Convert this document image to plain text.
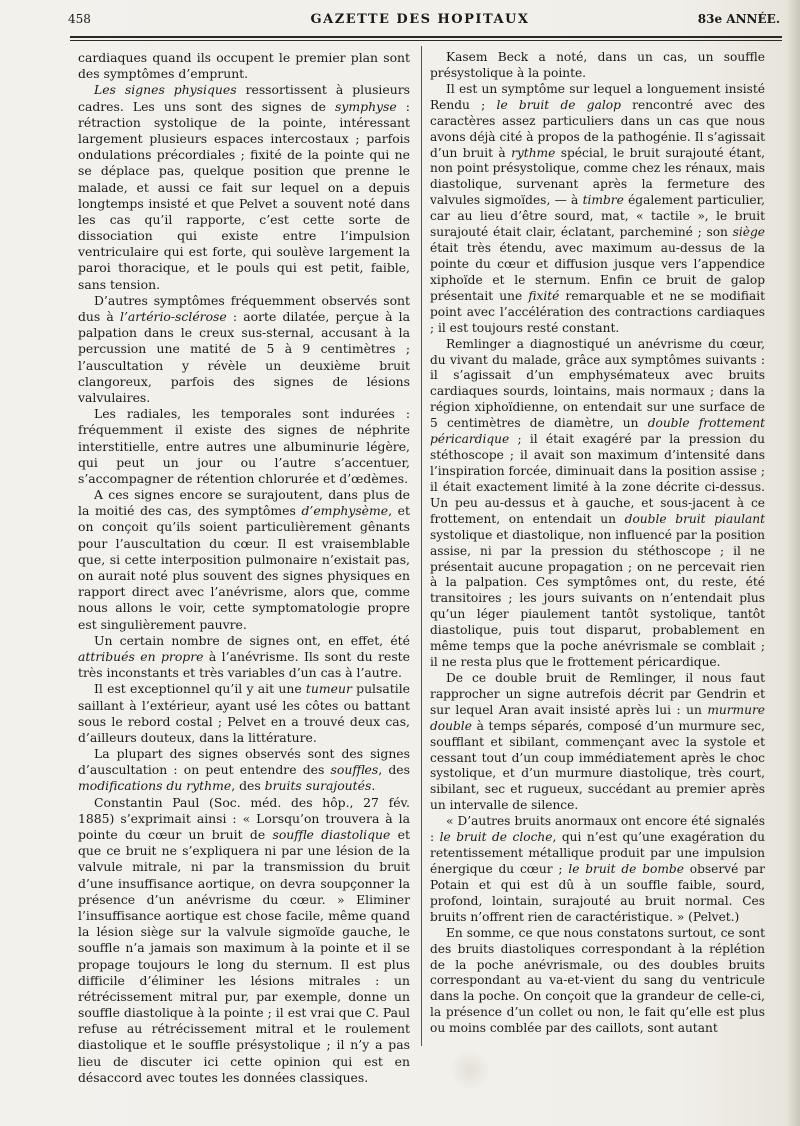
458	GAZETTE DES HOPITAUX	83e ANNÉE.

cardiaques quand ils occupent le premier plan sont des symptômes d’emprunt.

Les signes physiques ressortissent à plusieurs cadres. Les uns sont des signes de symphyse : rétraction systolique de la pointe, intéressant largement plusieurs espaces intercostaux ; parfois ondulations précordiales ; fixité de la pointe qui ne se déplace pas, quelque position que prenne le malade, et aussi ce fait sur lequel on a depuis longtemps insisté et que Pelvet a souvent noté dans les cas qu’il rapporte, c’est cette sorte de dissociation qui existe entre l’impulsion ventriculaire qui est forte, qui soulève largement la paroi thoracique, et le pouls qui est petit, faible, sans tension.

D’autres symptômes fréquemment observés sont dus à l’artério-sclérose : aorte dilatée, perçue à la palpation dans le creux sus-sternal, accusant à la percussion une matité de 5 à 9 centimètres ; l’auscultation y révèle un deuxième bruit clangoreux, parfois des signes de lésions valvulaires.

Les radiales, les temporales sont indurées : fréquemment il existe des signes de néphrite interstitielle, entre autres une albuminurie légère, qui peut un jour ou l’autre s’accentuer, s’accompagner de rétention chlorurée et d’œdèmes.

A ces signes encore se surajoutent, dans plus de la moitié des cas, des symptômes d’emphysème, et on conçoit qu’ils soient particulièrement gênants pour l’auscultation du cœur. Il est vraisemblable que, si cette interposition pulmonaire n’existait pas, on aurait noté plus souvent des signes physiques en rapport direct avec l’anévrisme, alors que, comme nous allons le voir, cette symptomatologie propre est singulièrement pauvre.

Un certain nombre de signes ont, en effet, été attribués en propre à l’anévrisme. Ils sont du reste très inconstants et très variables d’un cas à l’autre.

Il est exceptionnel qu’il y ait une tumeur pulsatile saillant à l’extérieur, ayant usé les côtes ou battant sous le rebord costal ; Pelvet en a trouvé deux cas, d’ailleurs douteux, dans la littérature.

La plupart des signes observés sont des signes d’auscultation : on peut entendre des souffles, des modifications du rythme, des bruits surajoutés.

Constantin Paul (Soc. méd. des hôp., 27 fév. 1885) s’exprimait ainsi : « Lorsqu’on trouvera à la pointe du cœur un bruit de souffle diastolique et que ce bruit ne s’expliquera ni par une lésion de la valvule mitrale, ni par la transmission du bruit d’une insuffisance aortique, on devra soupçonner la présence d’un anévrisme du cœur. » Eliminer l’insuffisance aortique est chose facile, même quand la lésion siège sur la valvule sigmoïde gauche, le souffle n’a jamais son maximum à la pointe et il se propage toujours le long du sternum. Il est plus difficile d’éliminer les lésions mitrales : un rétrécissement mitral pur, par exemple, donne un souffle diastolique à la pointe ; il est vrai que C. Paul refuse au rétrécissement mitral et le roulement diastolique et le souffle présystolique ; il n’y a pas lieu de discuter ici cette opinion qui est en désaccord avec toutes les données classiques.

Kasem Beck a noté, dans un cas, un souffle présystolique à la pointe.

Il est un symptôme sur lequel a longuement insisté Rendu ; le bruit de galop rencontré avec des caractères assez particuliers dans un cas que nous avons déjà cité à propos de la pathogénie. Il s’agissait d’un bruit à rythme spécial, le bruit surajouté étant, non point présystolique, comme chez les rénaux, mais diastolique, survenant après la fermeture des valvules sigmoïdes, — à timbre également particulier, car au lieu d’être sourd, mat, « tactile », le bruit surajouté était clair, éclatant, parcheminé ; son siège était très étendu, avec maximum au-dessus de la pointe du cœur et diffusion jusque vers l’appendice xiphoïde et le sternum. Enfin ce bruit de galop présentait une fixité remarquable et ne se modifiait point avec l’accélération des contractions cardiaques ; il est toujours resté constant.

Remlinger a diagnostiqué un anévrisme du cœur, du vivant du malade, grâce aux symptômes suivants : il s’agissait d’un emphysémateux avec bruits cardiaques sourds, lointains, mais normaux ; dans la région xiphoïdienne, on entendait sur une surface de 5 centimètres de diamètre, un double frottement péricardique ; il était exagéré par la pression du stéthoscope ; il avait son maximum d’intensité dans l’inspiration forcée, diminuait dans la position assise ; il était exactement limité à la zone décrite ci-dessus. Un peu au-dessus et à gauche, et sous-jacent à ce frottement, on entendait un double bruit piaulant systolique et diastolique, non influencé par la position assise, ni par la pression du stéthoscope ; il ne présentait aucune propagation ; on ne percevait rien à la palpation. Ces symptômes ont, du reste, été transitoires ; les jours suivants on n’entendait plus qu’un léger piaulement tantôt systolique, tantôt diastolique, puis tout disparut, probablement en même temps que la poche anévrismale se comblait ; il ne resta plus que le frottement péricardique.

De ce double bruit de Remlinger, il nous faut rapprocher un signe autrefois décrit par Gendrin et sur lequel Aran avait insisté après lui : un murmure double à temps séparés, composé d’un murmure sec, soufflant et sibilant, commençant avec la systole et cessant tout d’un coup immédiatement après le choc systolique, et d’un murmure diastolique, très court, sibilant, sec et rugueux, succédant au premier après un intervalle de silence.

« D’autres bruits anormaux ont encore été signalés : le bruit de cloche, qui n’est qu’une exagération du retentissement métallique produit par une impulsion énergique du cœur ; le bruit de bombe observé par Potain et qui est dû à un souffle faible, sourd, profond, lointain, surajouté au bruit normal. Ces bruits n’offrent rien de caractéristique. » (Pelvet.)

En somme, ce que nous constatons surtout, ce sont des bruits diastoliques correspondant à la réplétion de la poche anévrismale, ou des doubles bruits correspondant au va-et-vient du sang du ventricule dans la poche. On conçoit que la grandeur de celle-ci, la présence d’un collet ou non, le fait qu’elle est plus ou moins comblée par des caillots, sont autant
